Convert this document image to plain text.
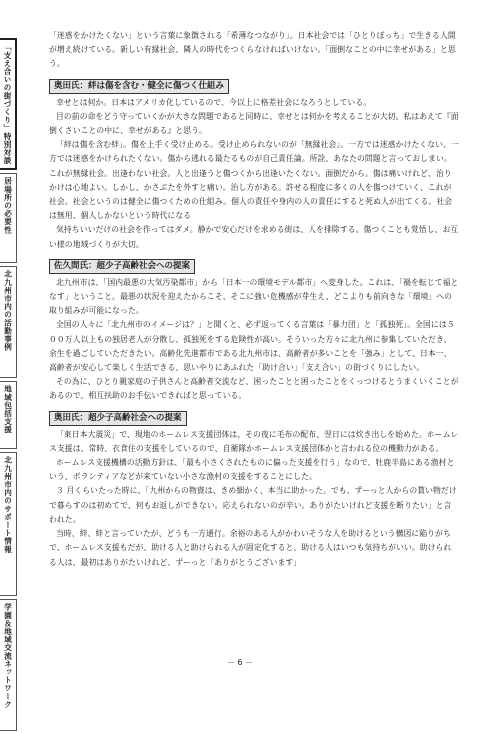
「支え合いの街づくり」特別対談
居場所の必要性
北九州市内の活動事例
地域包括支援
北九州市内のサポート情報
学園＆地域交流ネットワーク

「迷惑をかけたくない」という言葉に象徴される「希薄なつながり」。日本社会では「ひとりぼっち」で生きる人間が増え続けている。新しい有縁社会、隣人の時代をつくらなければいけない。「面倒なことの中に幸せがある」と思う。

奥田氏：絆は傷を含む・健全に傷つく仕組み

幸せとは何か。日本はアメリカ化しているので、今以上に格差社会になろうとしている。

目の前の命をどう守っていくかが大きな問題であると同時に、幸せとは何かを考えることが大切。私はあえて『面倒くさいことの中に、幸せがある』と思う。

「絆は傷を含む絆」。傷を上手く受け止める。受け止められないのが「無縁社会」。一方では迷惑かけたくない、一方では迷惑をかけられたくない。傷から逃れる最たるものが自己責任論。所詮、あなたの問題と言っておしまい。これが無縁社会。出逢わない社会。人と出逢うと傷つくから出逢いたくない。面倒だから。傷は痛いけれど、治りかけは心地よい。しかし、かさぶたを外すと痛い。治し方がある。許せる程度に多くの人を傷つけていく、これが社会。社会というのは健全に傷つくための仕組み。個人の責任や身内の人の責任にすると死ぬ人が出てくる。社会は無用、個人しかないという時代になる

気持ちいいだけの社会を作ってはダメ。静かで安心だけを求める街は、人を排除する。傷つくことも覚悟し、お互い様の地域づくりが大切。

佐久間氏：超少子高齢社会への提案

北九州市は、「国内最悪の大気汚染都市」から「日本一の環境モデル都市」へ変身した。これは、「禍を転じて福となす」ということ。最悪の状況を迎えたからこそ、そこに強い危機感が芽生え、どこよりも前向きな「環境」への取り組みが可能になった。

全国の人々に「北九州市のイメージは？」と聞くと、必ず返ってくる言葉は「暴力団」と「孤独死」。全国には５００万人以上もの独居老人が分散し、孤独死をする危険性が高い。そういった方々に北九州に参集していただき、余生を過ごしていただきたい。高齢化先進都市である北九州市は、高齢者が多いことを「強み」として、日本一、高齢者が安心して楽しく生活できる、思いやりにあふれた「助け合い」「支え合い」の街づくりにしたい。

その為に、ひとり親家庭の子供さんと高齢者交流など、困ったことと困ったことをくっつけるとうまくいくことがあるので、相互扶助のお手伝いできればと思っている。

奥田氏：超少子高齢社会への提案

「東日本大震災」で、現地のホームレス支援団体は、その夜に毛布の配布、翌日には炊き出しを始めた。ホームレス支援は、常時、衣食住の支援をしているので、自衛隊かホームレス支援団体かと言われる位の機動力がある。

ホームレス支援機構の活動方針は、「最も小さくされたものに偏った支援を行う」なので、牡鹿半島にある漁村という、ボランティアなどが来ていない小さな漁村の支援をすることにした。

３ 月くらいたった時に、「九州からの物資は、きめ細かく、本当に助かった。でも、ずーっと人からの貰い物だけで暮らすのは初めてで、何もお返しができない。応えられないのが辛い。ありがたいけれど支援を断りたい」と言われた。

当時、絆、絆と言っていたが、どうも一方通行。余裕のある人がかわいそうな人を助けるという構図に陥りがちで、ホームレス支援もだが、助ける人と助けられる人が固定化すると、助ける人はいつも気持ちがいい。助けられる人は、最初はありがたいけれど、ずーっと「ありがとうございます」

－ 6 －
